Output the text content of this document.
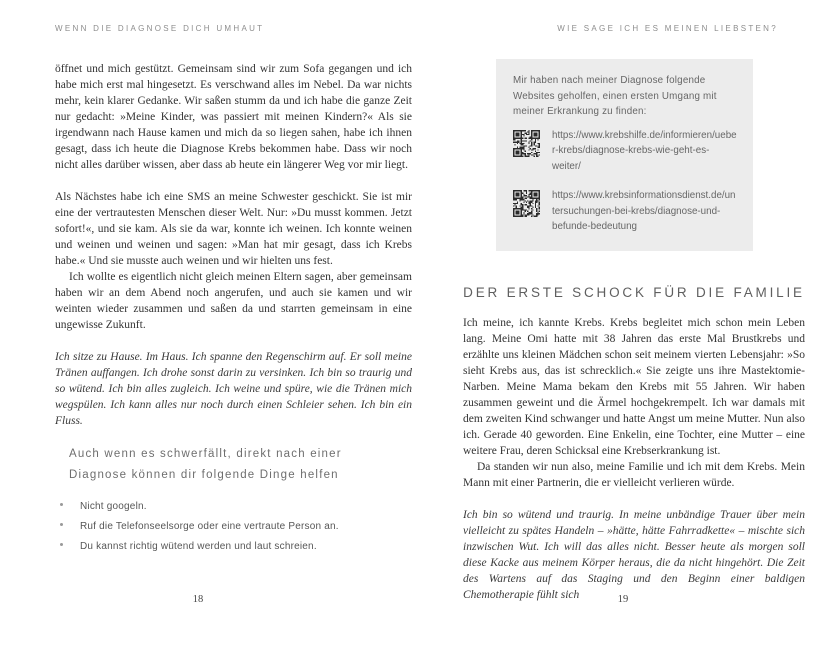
WENN DIE DIAGNOSE DICH UMHAUT

öffnet und mich gestützt. Gemeinsam sind wir zum Sofa gegangen und ich habe mich erst mal hingesetzt. Es verschwand alles im Nebel. Da war nichts mehr, kein klarer Gedanke. Wir saßen stumm da und ich habe die ganze Zeit nur gedacht: »Meine Kinder, was passiert mit meinen Kindern?« Als sie irgendwann nach Hause kamen und mich da so liegen sahen, habe ich ihnen gesagt, dass ich heute die Diagnose Krebs bekommen habe. Dass wir noch nicht alles darüber wissen, aber dass ab heute ein längerer Weg vor mir liegt.

Als Nächstes habe ich eine SMS an meine Schwester geschickt. Sie ist mir eine der vertrautesten Menschen dieser Welt. Nur: »Du musst kommen. Jetzt sofort!«, und sie kam. Als sie da war, konnte ich weinen. Ich konnte weinen und weinen und weinen und sagen: »Man hat mir gesagt, dass ich Krebs habe.« Und sie musste auch weinen und wir hielten uns fest.

Ich wollte es eigentlich nicht gleich meinen Eltern sagen, aber gemeinsam haben wir an dem Abend noch angerufen, und auch sie kamen und wir weinten wieder zusammen und saßen da und starrten gemeinsam in eine ungewisse Zukunft.

Ich sitze zu Hause. Im Haus. Ich spanne den Regenschirm auf. Er soll meine Tränen auffangen. Ich drohe sonst darin zu versinken. Ich bin so traurig und so wütend. Ich bin alles zugleich. Ich weine und spüre, wie die Tränen mich wegspülen. Ich kann alles nur noch durch einen Schleier sehen. Ich bin ein Fluss.

Auch wenn es schwerfällt, direkt nach einer
Diagnose können dir folgende Dinge helfen
Nicht googeln.
Ruf die Telefonseelsorge oder eine vertraute Person an.
Du kannst richtig wütend werden und laut schreien.
18
WIE SAGE ICH ES MEINEN LIEBSTEN?

Mir haben nach meiner Diagnose folgende Websites geholfen, einen ersten Umgang mit meiner Erkrankung zu finden:

https://www.krebshilfe.de/informieren/ueber-krebs/diagnose-krebs-wie-geht-es-weiter/
https://www.krebsinformationsdienst.de/untersuchungen-bei-krebs/diagnose-und-befunde-bedeutung
DER ERSTE SCHOCK FÜR DIE FAMILIE

Ich meine, ich kannte Krebs. Krebs begleitet mich schon mein Leben lang. Meine Omi hatte mit 38 Jahren das erste Mal Brustkrebs und erzählte uns kleinen Mädchen schon seit meinem vierten Lebensjahr: »So sieht Krebs aus, das ist schrecklich.« Sie zeigte uns ihre Mastektomie-Narben. Meine Mama bekam den Krebs mit 55 Jahren. Wir haben zusammen geweint und die Ärmel hochgekrempelt. Ich war damals mit dem zweiten Kind schwanger und hatte Angst um meine Mutter. Nun also ich. Gerade 40 geworden. Eine Enkelin, eine Tochter, eine Mutter – eine weitere Frau, deren Schicksal eine Krebserkrankung ist.

Da standen wir nun also, meine Familie und ich mit dem Krebs. Mein Mann mit einer Partnerin, die er vielleicht verlieren würde.

Ich bin so wütend und traurig. In meine unbändige Trauer über mein vielleicht zu spätes Handeln – »hätte, hätte Fahrradkette« – mischte sich inzwischen Wut. Ich will das alles nicht. Besser heute als morgen soll diese Kacke aus meinem Körper heraus, die da nicht hingehört. Die Zeit des Wartens auf das Staging und den Beginn einer baldigen Chemotherapie fühlt sich	19
